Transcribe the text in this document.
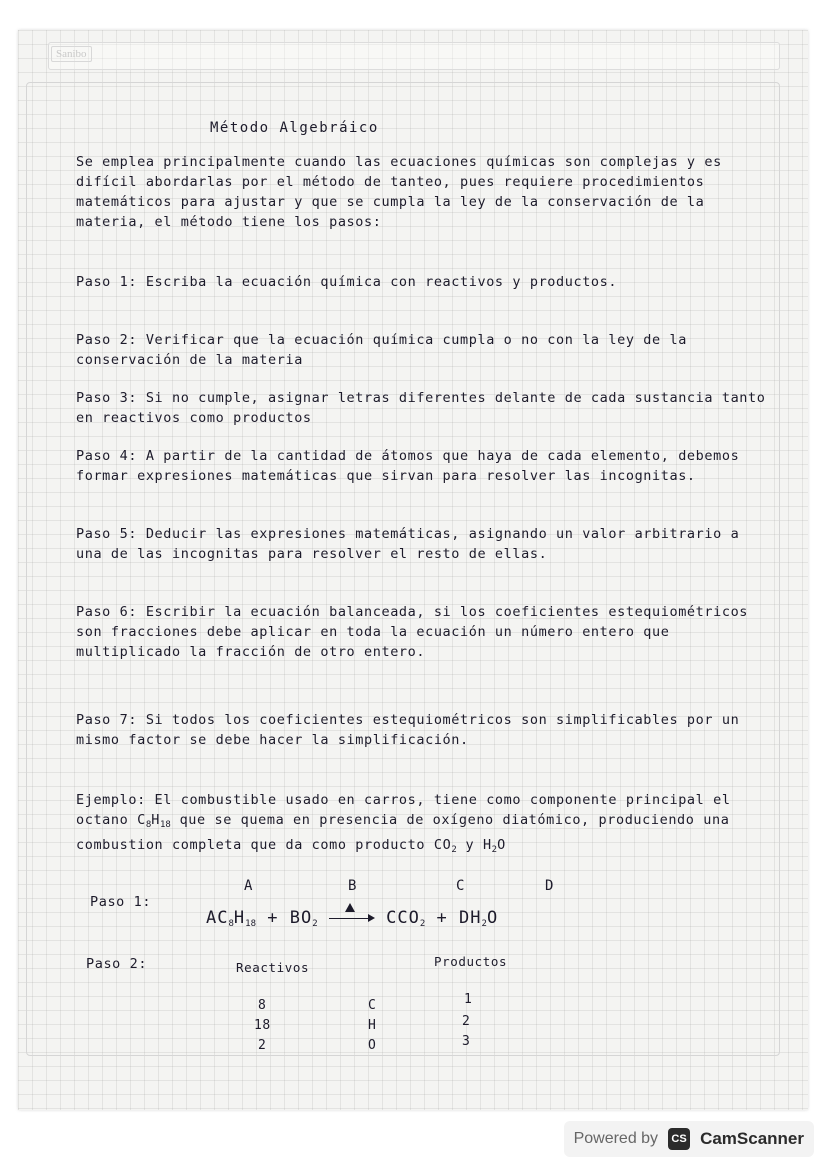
Sanibo

Método Algebráico

Se emplea principalmente cuando las ecuaciones químicas son complejas y es difícil abordarlas por el método de tanteo, pues requiere procedimientos matemáticos para ajustar y que se cumpla la ley de la conservación de la materia, el método tiene los pasos:

Paso 1: Escriba la ecuación química con reactivos y productos.

Paso 2: Verificar que la ecuación química cumpla o no con la ley de la conservación de la materia

Paso 3: Si no cumple, asignar letras diferentes delante de cada sustancia tanto en reactivos como productos

Paso 4: A partir de la cantidad de átomos que haya de cada elemento, debemos formar expresiones matemáticas que sirvan para resolver las incognitas.

Paso 5: Deducir las expresiones matemáticas, asignando un valor arbitrario a una de las incognitas para resolver el resto de ellas.

Paso 6: Escribir la ecuación balanceada, si los coeficientes estequiométricos son fracciones debe aplicar en toda la ecuación un número entero que multiplicado la fracción de otro entero.

Paso 7: Si todos los coeficientes estequiométricos son simplificables por un mismo factor se debe hacer la simplificación.

Ejemplo: El combustible usado en carros, tiene como componente principal el octano $C_8H_{18}$ que se quema en presencia de oxígeno diatómico, produciendo una combustion completa que da como producto $CO_2$ y $H_2O$

Paso 1:

A	B	C	D

$AC_8H_{18} + BO_2$	$CCO_2 + DH_2O$

Paso 2:	Reactivos	Productos

8	C	1

18	H	2

2	O	3

Powered by	CS CamScanner
